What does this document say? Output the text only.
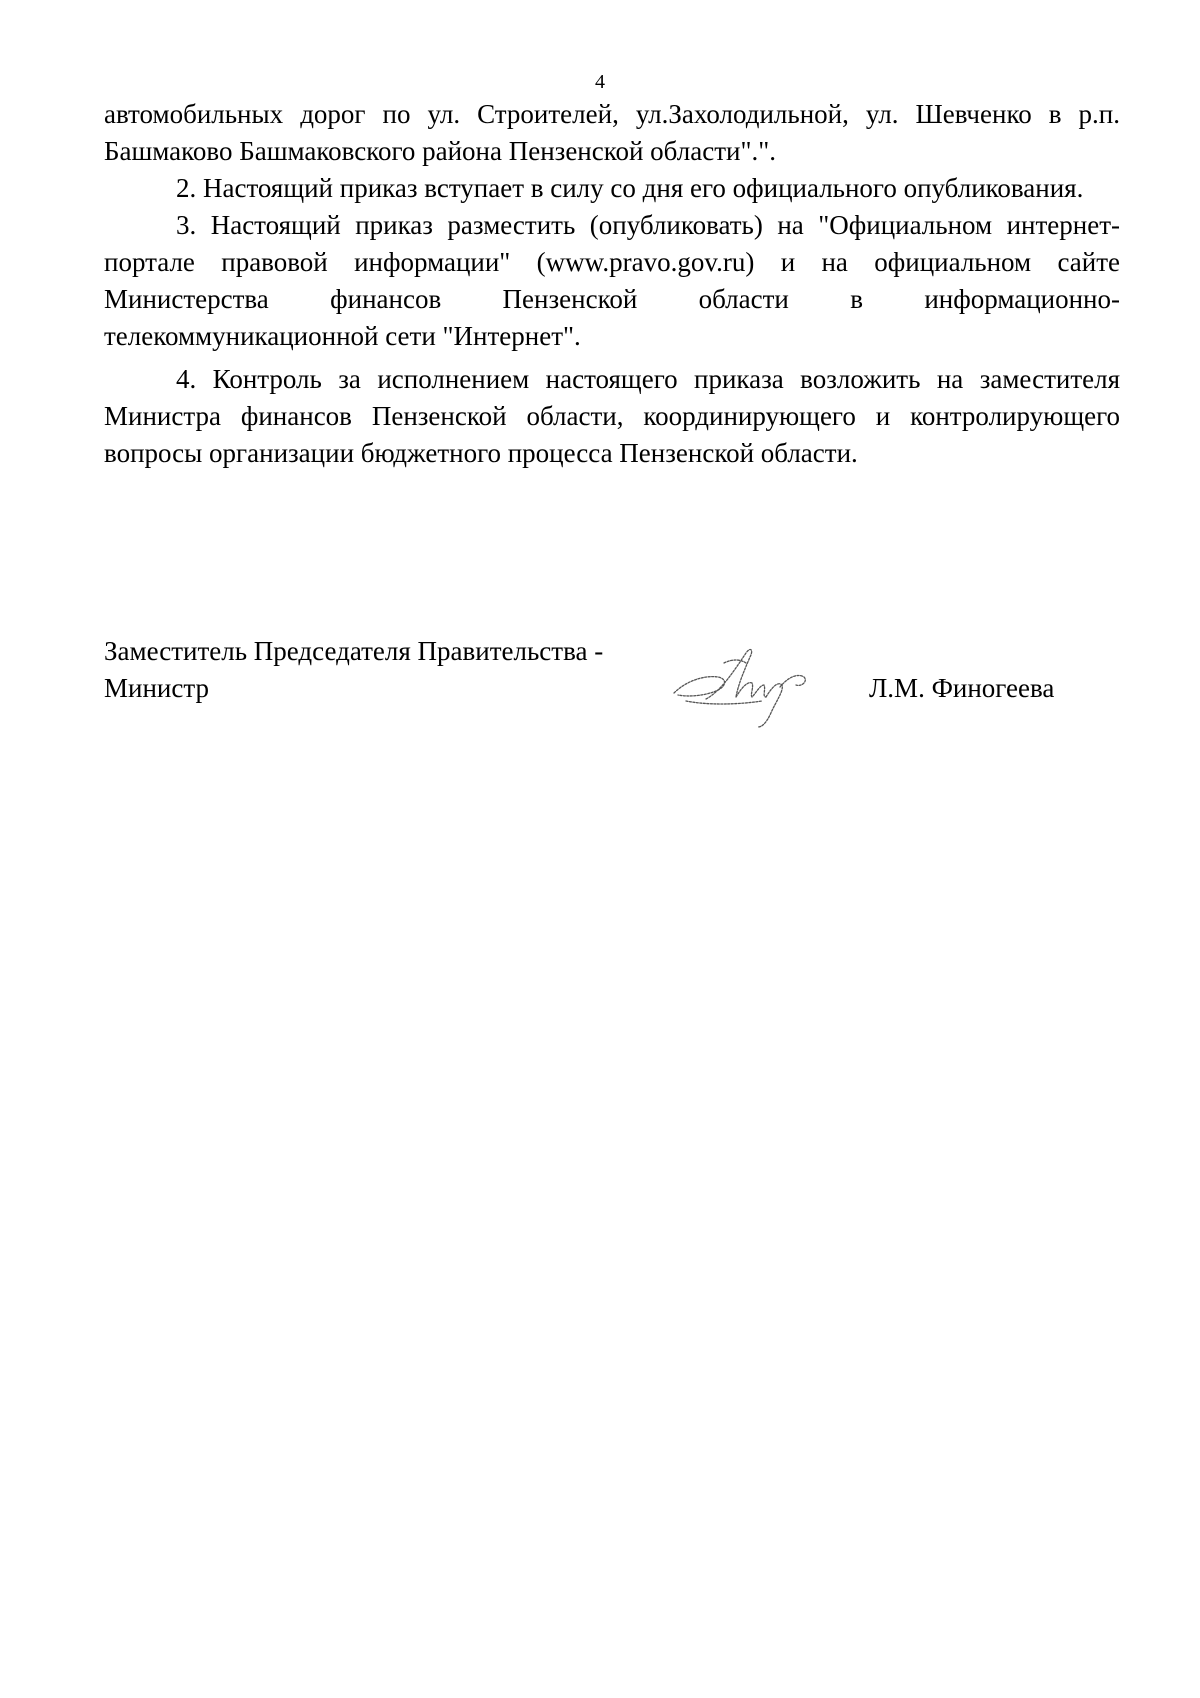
4

автомобильных дорог по ул. Строителей, ул.Захолодильной, ул. Шевченко в р.п. Башмаково Башмаковского района Пензенской области".".

2. Настоящий приказ вступает в силу со дня его официального опубликования.

3. Настоящий приказ разместить (опубликовать) на "Официальном интернет-портале правовой информации" (www.pravo.gov.ru) и на официальном сайте Министерства финансов Пензенской области в информационно-телекоммуникационной сети "Интернет".

4. Контроль за исполнением настоящего приказа возложить на заместителя Министра финансов Пензенской области, координирующего и контролирующего вопросы организации бюджетного процесса Пензенской области.

Заместитель Председателя Правительства -
Министр	Л.М. Финогеева
